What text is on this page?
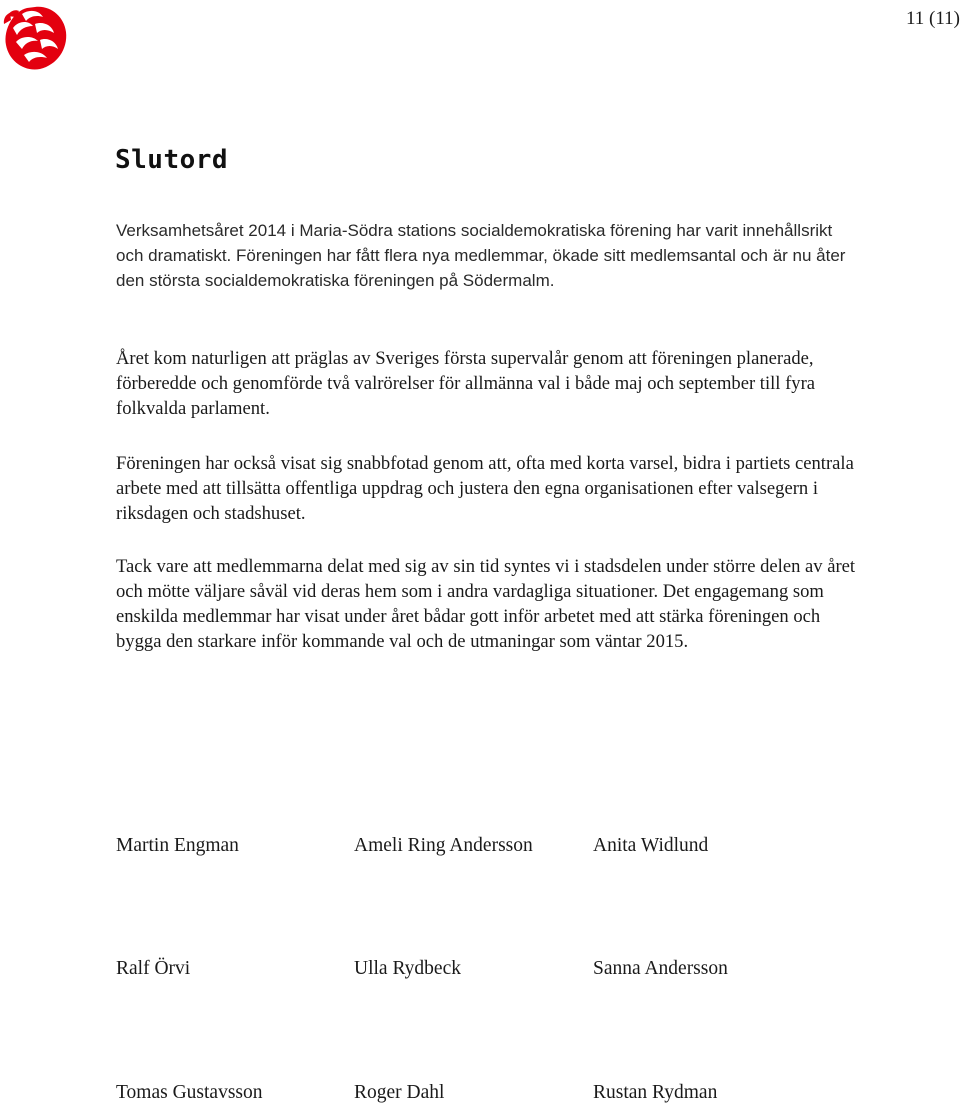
11 (11)
Slutord

Verksamhetsåret 2014 i Maria-Södra stations socialdemokratiska förening har varit innehållsrikt och dramatiskt. Föreningen har fått flera nya medlemmar, ökade sitt medlemsantal och är nu åter den största socialdemokratiska föreningen på Södermalm.

Året kom naturligen att präglas av Sveriges första supervalår genom att föreningen planerade, förberedde och genomförde två valrörelser för allmänna val i både maj och september till fyra folkvalda parlament.

Föreningen har också visat sig snabbfotad genom att, ofta med korta varsel, bidra i partiets centrala arbete med att tillsätta offentliga uppdrag och justera den egna organisationen efter valsegern i riksdagen och stadshuset.

Tack vare att medlemmarna delat med sig av sin tid syntes vi i stadsdelen under större delen av året och mötte väljare såväl vid deras hem som i andra vardagliga situationer. Det engagemang som enskilda medlemmar har visat under året bådar gott inför arbetet med att stärka föreningen och bygga den starkare inför kommande val och de utmaningar som väntar 2015.

Martin Engman	Ameli Ring Andersson	Anita Widlund
Ralf Örvi	Ulla Rydbeck	Sanna Andersson
Tomas Gustavsson	Roger Dahl	Rustan Rydman
